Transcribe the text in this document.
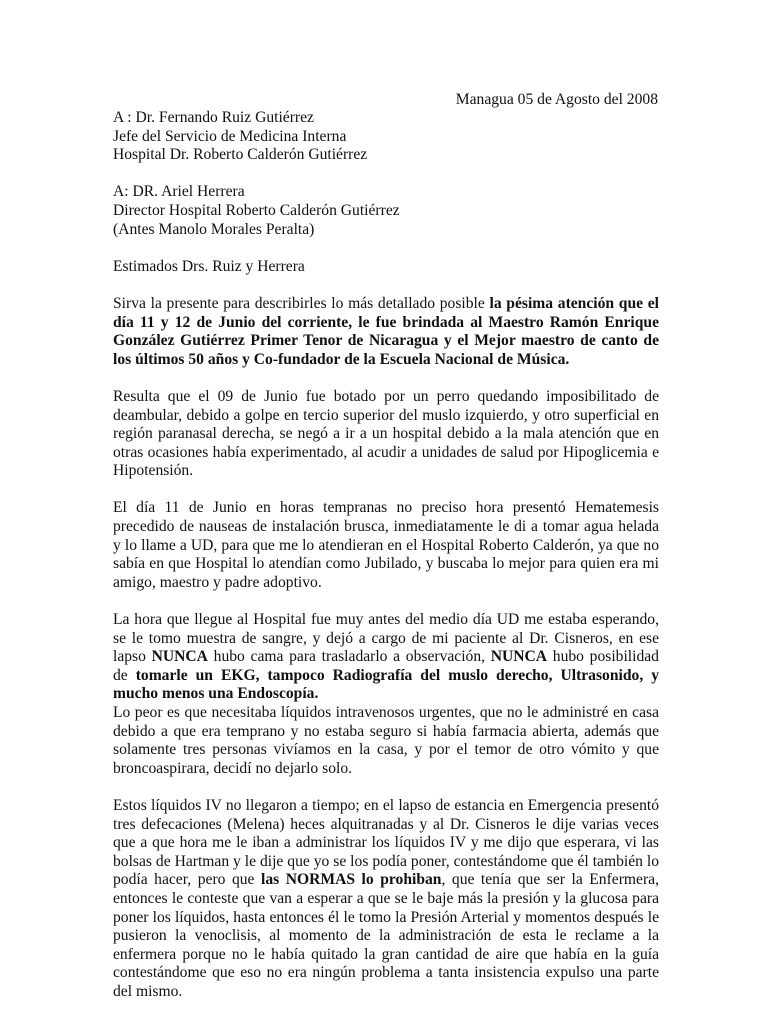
Managua 05 de Agosto del 2008

A : Dr. Fernando Ruiz Gutiérrez
Jefe del Servicio de Medicina Interna
Hospital Dr. Roberto Calderón Gutiérrez

A: DR. Ariel Herrera
Director Hospital Roberto Calderón Gutiérrez
(Antes Manolo Morales Peralta)

Estimados Drs. Ruiz y Herrera

Sirva la presente para describirles lo más detallado posible la pésima atención que el día 11 y 12 de Junio del corriente, le fue brindada al Maestro Ramón Enrique González Gutiérrez Primer Tenor de Nicaragua y el Mejor maestro de canto de los últimos 50 años y Co-fundador de la Escuela Nacional de Música.

Resulta que el 09 de Junio fue botado por un perro quedando imposibilitado de deambular, debido a golpe en tercio superior del muslo izquierdo, y otro superficial en región paranasal derecha, se negó a ir a un hospital debido a la mala atención que en otras ocasiones había experimentado, al acudir a unidades de salud por Hipoglicemia e Hipotensión.

El día 11 de Junio en horas tempranas no preciso hora presentó Hematemesis precedido de nauseas de instalación brusca, inmediatamente le di a tomar agua helada y lo llame a UD, para que me lo atendieran en el Hospital Roberto Calderón, ya que no sabía en que Hospital lo atendían como Jubilado, y buscaba lo mejor para quien era mi amigo, maestro y padre adoptivo.

La hora que llegue al Hospital fue muy antes del medio día UD me estaba esperando, se le tomo muestra de sangre, y dejó a cargo de mi paciente al Dr. Cisneros, en ese lapso NUNCA hubo cama para trasladarlo a observación, NUNCA hubo posibilidad de tomarle un EKG, tampoco Radiografía del muslo derecho, Ultrasonido, y mucho menos una Endoscopía.

Lo peor es que necesitaba líquidos intravenosos urgentes, que no le administré en casa debido a que era temprano y no estaba seguro si había farmacia abierta, además que solamente tres personas vivíamos en la casa, y por el temor de otro vómito y que broncoaspirara, decidí no dejarlo solo.

Estos líquidos IV no llegaron a tiempo; en el lapso de estancia en Emergencia presentó tres defecaciones (Melena) heces alquitranadas y al Dr. Cisneros le dije varias veces que a que hora me le iban a administrar los líquidos IV y me dijo que esperara, vi las bolsas de Hartman y le dije que yo se los podía poner, contestándome que él también lo podía hacer, pero que las NORMAS lo prohiban, que tenía que ser la Enfermera, entonces le conteste que van a esperar a que se le baje más la presión y la glucosa para poner los líquidos, hasta entonces él le tomo la Presión Arterial y momentos después le pusieron la venoclisis, al momento de la administración de esta le reclame a la enfermera porque no le había quitado la gran cantidad de aire que había en la guía contestándome que eso no era ningún problema a tanta insistencia expulso una parte del mismo.
